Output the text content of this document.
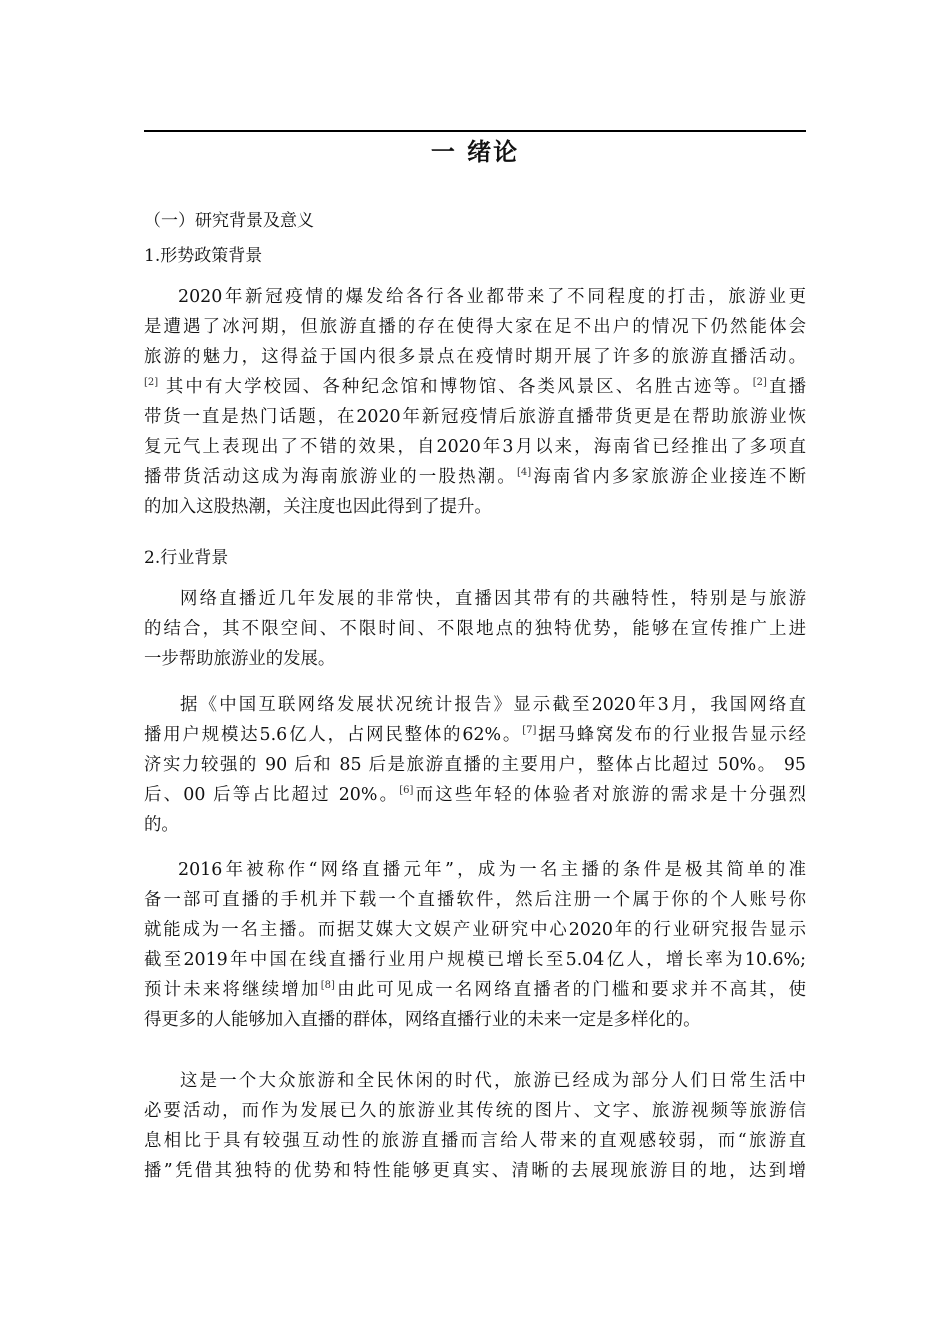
一 绪论
（一）研究背景及意义
1.形势政策背景
2020年新冠疫情的爆发给各行各业都带来了不同程度的打击，旅游业更
是遭遇了冰河期，但旅游直播的存在使得大家在足不出户的情况下仍然能体会
旅游的魅力，这得益于国内很多景点在疫情时期开展了许多的旅游直播活动。
[2] 其中有大学校园、各种纪念馆和博物馆、各类风景区、名胜古迹等。[2]直播
带货一直是热门话题，在2020年新冠疫情后旅游直播带货更是在帮助旅游业恢
复元气上表现出了不错的效果，自2020年3月以来，海南省已经推出了多项直
播带货活动这成为海南旅游业的一股热潮。[4]海南省内多家旅游企业接连不断
的加入这股热潮，关注度也因此得到了提升。
2.行业背景
网络直播近几年发展的非常快，直播因其带有的共融特性，特别是与旅游
的结合，其不限空间、不限时间、不限地点的独特优势，能够在宣传推广上进
一步帮助旅游业的发展。
据《中国互联网络发展状况统计报告》显示截至2020年3月，我国网络直
播用户规模达5.6亿人，占网民整体的62%。[7]据马蜂窝发布的行业报告显示经
济实力较强的 90 后和 85 后是旅游直播的主要用户，整体占比超过 50%。 95
后、00 后等占比超过 20%。[6]而这些年轻的体验者对旅游的需求是十分强烈
的。
2016年被称作“网络直播元年”，成为一名主播的条件是极其简单的准
备一部可直播的手机并下载一个直播软件，然后注册一个属于你的个人账号你
就能成为一名主播。而据艾媒大文娱产业研究中心2020年的行业研究报告显示
截至2019年中国在线直播行业用户规模已增长至5.04亿人，增长率为10.6%;
预计未来将继续增加[8]由此可见成一名网络直播者的门槛和要求并不高其，使
得更多的人能够加入直播的群体，网络直播行业的未来一定是多样化的。
这是一个大众旅游和全民休闲的时代，旅游已经成为部分人们日常生活中
必要活动，而作为发展已久的旅游业其传统的图片、文字、旅游视频等旅游信
息相比于具有较强互动性的旅游直播而言给人带来的直观感较弱，而“旅游直
播”凭借其独特的优势和特性能够更真实、清晰的去展现旅游目的地，达到增
